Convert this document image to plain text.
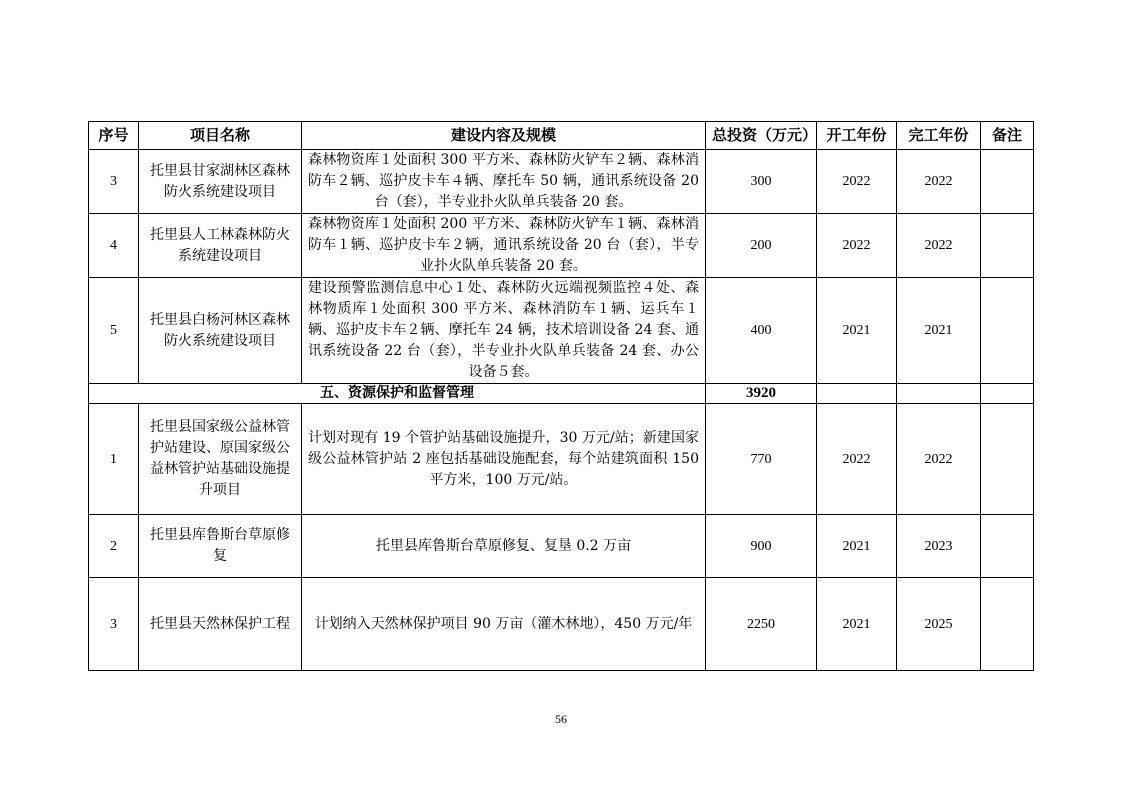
序号	项目名称	建设内容及规模	总投资（万元）	开工年份	完工年份	备注
3	托里县甘家湖林区森林防火系统建设项目	森林物资库１处面积 300 平方米、森林防火铲车２辆、森林消防车２辆、巡护皮卡车４辆、摩托车 50 辆，通讯系统设备 20 台（套），半专业扑火队单兵装备 20 套。	300	2022	2022	
4	托里县人工林森林防火系统建设项目	森林物资库１处面积 200 平方米、森林防火铲车１辆、森林消防车１辆、巡护皮卡车２辆，通讯系统设备 20 台（套），半专业扑火队单兵装备 20 套。	200	2022	2022	
5	托里县白杨河林区森林防火系统建设项目	建设预警监测信息中心１处、森林防火远端视频监控４处、森林物质库１处面积 300 平方米、森林消防车１辆、运兵车１辆、巡护皮卡车２辆、摩托车 24 辆，技术培训设备 24 套、通讯系统设备 22 台（套），半专业扑火队单兵装备 24 套、办公设备５套。	400	2021	2021	
五、资源保护和监督管理			3920			
1	托里县国家级公益林管护站建设、原国家级公益林管护站基础设施提升项目	计划对现有 19 个管护站基础设施提升，30 万元/站；新建国家级公益林管护站 2 座包括基础设施配套，每个站建筑面积 150 平方米，100 万元/站。	770	2022	2022	
2	托里县库鲁斯台草原修复	托里县库鲁斯台草原修复、复垦 0.2 万亩	900	2021	2023	
3	托里县天然林保护工程	计划纳入天然林保护项目 90 万亩（灌木林地），450 万元/年	2250	2021	2025	
56
